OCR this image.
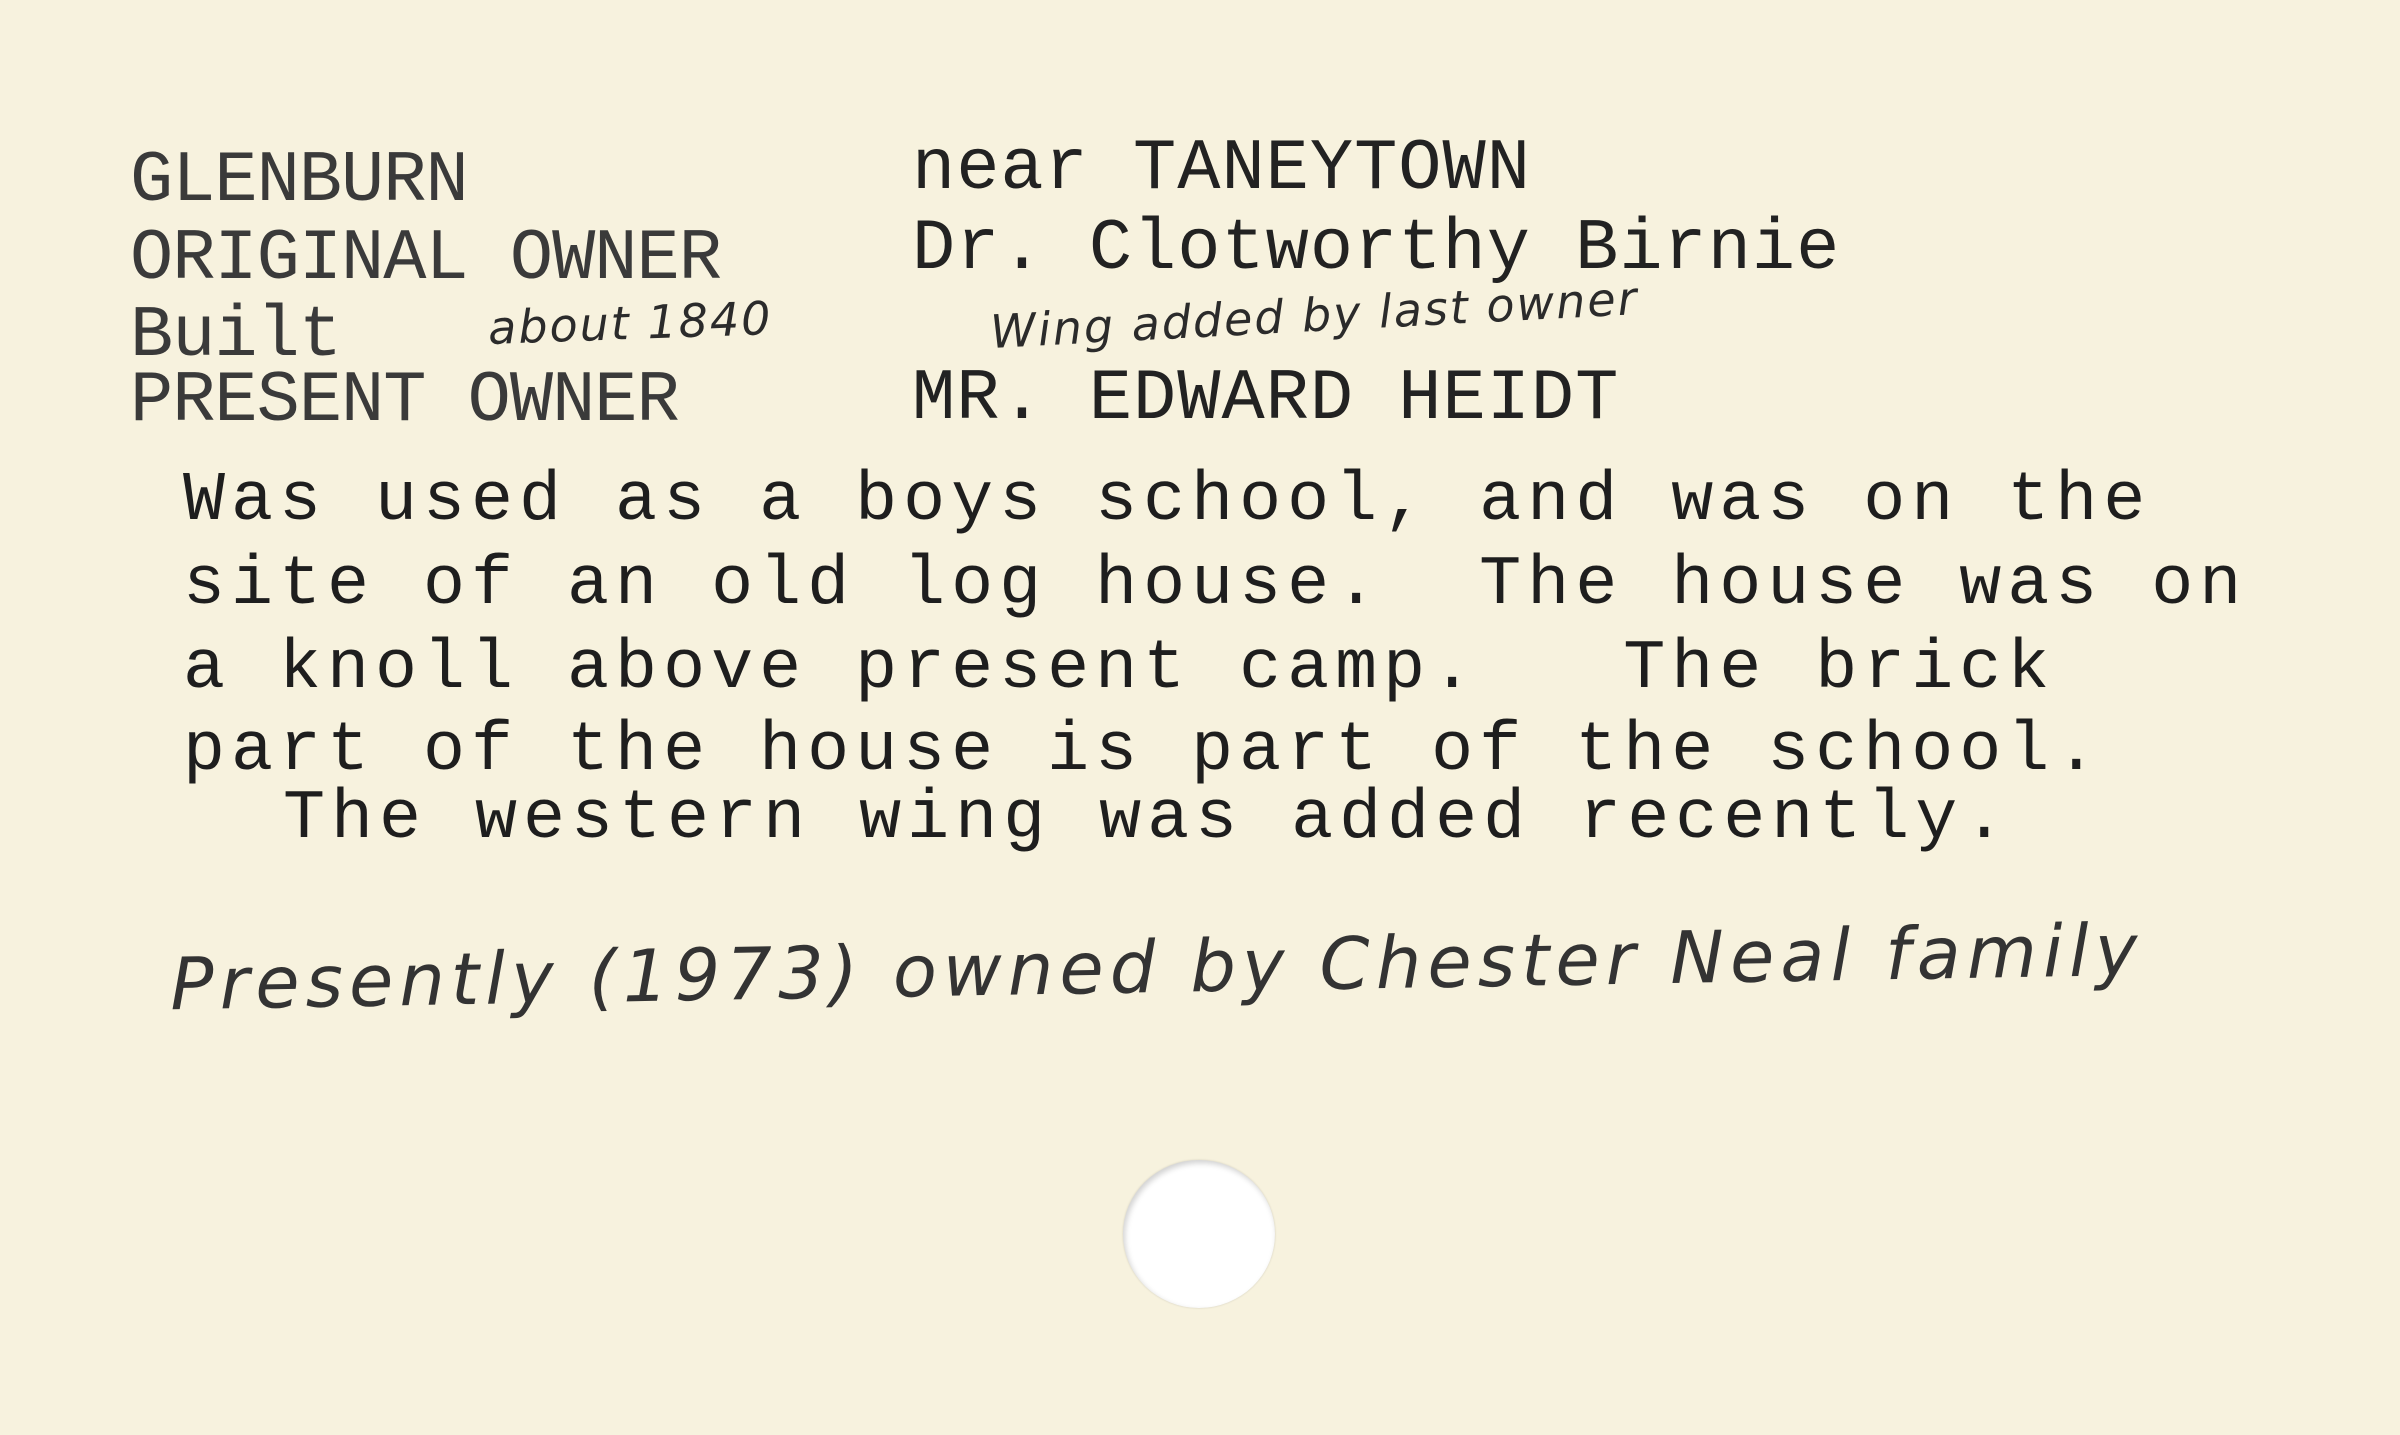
GLENBURN	near TANEYTOWN
ORIGINAL OWNER	Dr. Clotworthy Birnie
Built	about 1840	Wing added by last owner
PRESENT OWNER	MR. EDWARD HEIDT
Was used as a boys school, and was on the
site of an old log house.  The house was on
a knoll above present camp.   The brick
part of the house is part of the school.
The western wing was added recently.
Presently (1973) owned by Chester Neal family
